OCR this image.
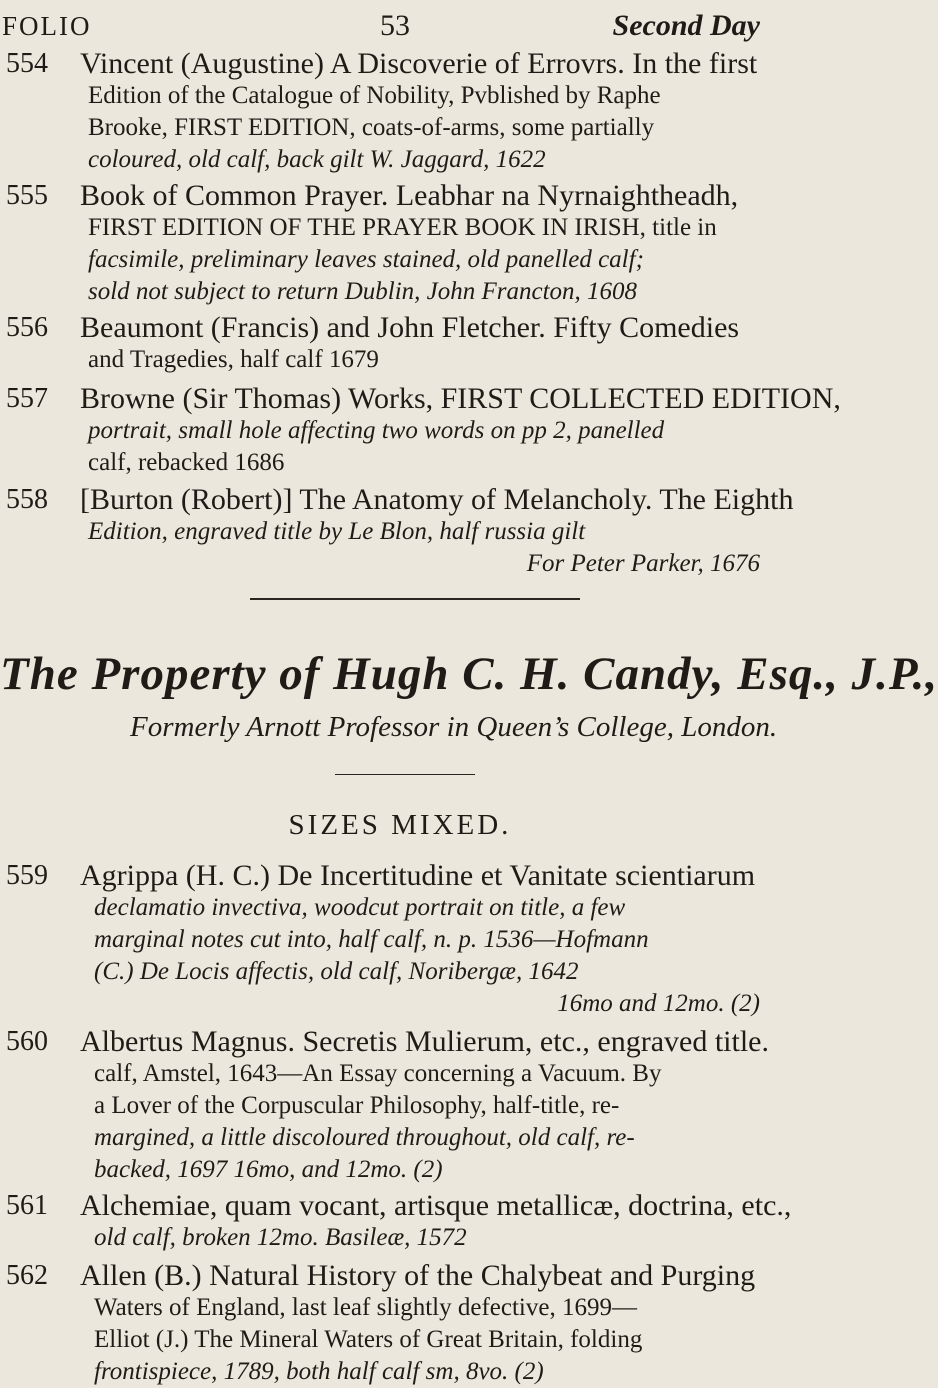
FOLIO	53	Second Day
554 Vincent (Augustine) A Discoverie of Errovrs. In the first
Edition of the Catalogue of Nobility, Pvblished by Raphe
Brooke, FIRST EDITION, coats-of-arms, some partially
coloured, old calf, back gilt W. Jaggard, 1622
555 Book of Common Prayer. Leabhar na Nyrnaightheadh,
FIRST EDITION OF THE PRAYER BOOK IN IRISH, title in
facsimile, preliminary leaves stained, old panelled calf;
sold not subject to return Dublin, John Francton, 1608
556 Beaumont (Francis) and John Fletcher. Fifty Comedies
and Tragedies, half calf 1679
557 Browne (Sir Thomas) Works, FIRST COLLECTED EDITION,
portrait, small hole affecting two words on pp 2, panelled
calf, rebacked 1686
558 [Burton (Robert)] The Anatomy of Melancholy. The Eighth
Edition, engraved title by Le Blon, half russia gilt
For Peter Parker, 1676
The Property of Hugh C. H. Candy, Esq., J.P.,
Formerly Arnott Professor in Queen’s College, London.
SIZES MIXED.
559 Agrippa (H. C.) De Incertitudine et Vanitate scientiarum
declamatio invectiva, woodcut portrait on title, a few
marginal notes cut into, half calf, n. p. 1536—Hofmann
(C.) De Locis affectis, old calf, Noribergæ, 1642
16mo and 12mo. (2)
560 Albertus Magnus. Secretis Mulierum, etc., engraved title.
calf, Amstel, 1643—An Essay concerning a Vacuum. By
a Lover of the Corpuscular Philosophy, half-title, re-
margined, a little discoloured throughout, old calf, re-
backed, 1697 16mo, and 12mo. (2)
561 Alchemiae, quam vocant, artisque metallicæ, doctrina, etc.,
old calf, broken 12mo. Basileæ, 1572
562 Allen (B.) Natural History of the Chalybeat and Purging
Waters of England, last leaf slightly defective, 1699—
Elliot (J.) The Mineral Waters of Great Britain, folding
frontispiece, 1789, both half calf sm, 8vo. (2)
